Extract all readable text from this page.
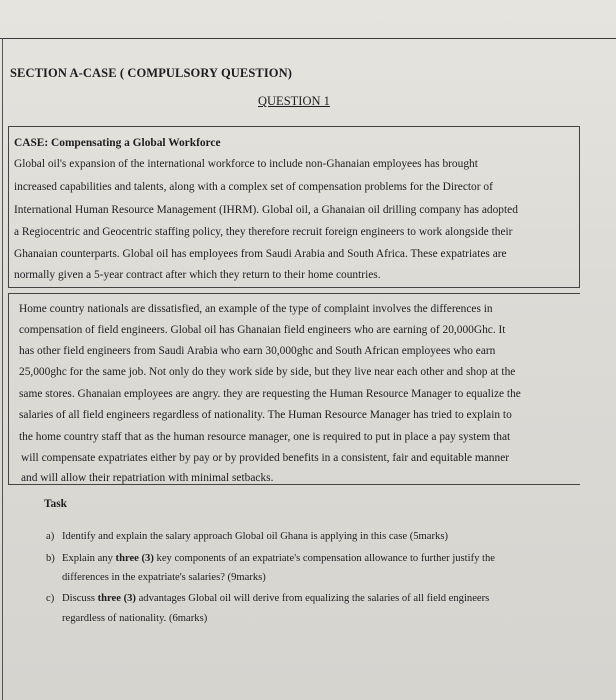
SECTION A-CASE ( COMPULSORY QUESTION)
QUESTION 1
CASE: Compensating a Global Workforce
Global oil's expansion of the international workforce to include non-Ghanaian employees has brought
increased capabilities and talents, along with a complex set of compensation problems for the Director of
International Human Resource Management (IHRM). Global oil, a Ghanaian oil drilling company has adopted
a Regiocentric and Geocentric staffing policy, they therefore recruit foreign engineers to work alongside their
Ghanaian counterparts. Global oil has employees from Saudi Arabia and South Africa. These expatriates are
normally given a 5-year contract after which they return to their home countries.
Home country nationals are dissatisfied, an example of the type of complaint involves the differences in
compensation of field engineers. Global oil has Ghanaian field engineers who are earning of 20,000Ghc. It
has other field engineers from Saudi Arabia who earn 30,000ghc and South African employees who earn
25,000ghc for the same job. Not only do they work side by side, but they live near each other and shop at the
same stores. Ghanaian employees are angry. they are requesting the Human Resource Manager to equalize the
salaries of all field engineers regardless of nationality. The Human Resource Manager has tried to explain to
the home country staff that as the human resource manager, one is required to put in place a pay system that
will compensate expatriates either by pay or by provided benefits in a consistent, fair and equitable manner
and will allow their repatriation with minimal setbacks.
Task
a) Identify and explain the salary approach Global oil Ghana is applying in this case (5marks)
b) Explain any three (3) key components of an expatriate's compensation allowance to further justify the
differences in the expatriate's salaries? (9marks)
c) Discuss three (3) advantages Global oil will derive from equalizing the salaries of all field engineers
regardless of nationality. (6marks)
